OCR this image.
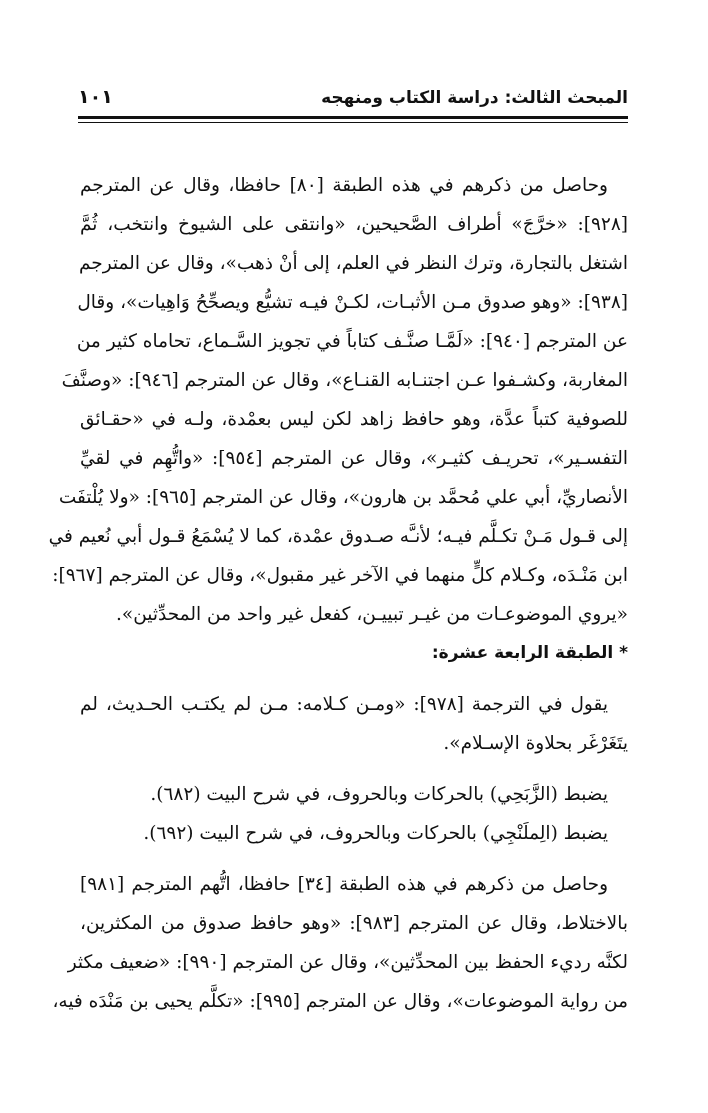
المبحث الثالث: دراسة الكتاب ومنهجه
١٠١
وحاصل من ذكرهم في هذه الطبقة [٨٠] حافظا، وقال عن المترجم
[٩٢٨]: «خرَّجَ» أطراف الصَّحيحين، «وانتقى على الشيوخ وانتخب، ثُمَّ
اشتغل بالتجارة، وترك النظر في العلم، إلى أنْ ذهب»، وقال عن المترجم
[٩٣٨]: «وهو صدوق مـن الأثبـات، لكـنْ فيـه تشيُّع ويصحِّحُ وَاهِيات»، وقال
عن المترجم [٩٤٠]: «لَمَّـا صنَّـف كتاباً في تجويز السَّـماع، تحاماه كثير من
المغاربة، وكشـفوا عـن اجتنـابه القنـاع»، وقال عن المترجم [٩٤٦]: «وصنَّفَ
للصوفية كتباً عدَّة، وهو حافظ زاهد لكن ليس بعمْدة، ولـه في «حقـائق
التفسـير»، تحريـف كثيـر»، وقال عن المترجم [٩٥٤]: «واتُّهِم في لقيِّ
الأنصاريِّ، أبي علي مُحمَّد بن هارون»، وقال عن المترجم [٩٦٥]: «ولا يُلْتفَت
إلى قـول مَـنْ تكـلَّم فيـه؛ لأنـَّه صـدوق عمْدة، كما لا يُسْمَعُ قـول أبي نُعيم في
ابن مَنْـدَه، وكـلام كلٍّ منهما في الآخر غير مقبول»، وقال عن المترجم [٩٦٧]:
«يروي الموضوعـات من غيـر تبييـن، كفعل غير واحد من المحدِّثين».
* الطبقة الرابعة عشرة:
يقول في الترجمة [٩٧٨]: «ومـن كـلامه: مـن لم يكتـب الحـديث، لم
يتَغَرْغَر بحلاوة الإسـلام».
يضبط (الزَّبَحِي) بالحركات وبالحروف، في شرح البيت (٦٨٢).
يضبط (الِملَنْجِي) بالحركات وبالحروف، في شرح البيت (٦٩٢).
وحاصل من ذكرهم في هذه الطبقة [٣٤] حافظا، اتُّهم المترجم [٩٨١]
بالاختلاط، وقال عن المترجم [٩٨٣]: «وهو حافظ صدوق من المكثرين،
لكنَّه رديء الحفظ بين المحدِّثين»، وقال عن المترجم [٩٩٠]: «ضعيف مكثر
من رواية الموضوعات»، وقال عن المترجم [٩٩٥]: «تكلَّم يحيى بن مَنْدَه فيه،
